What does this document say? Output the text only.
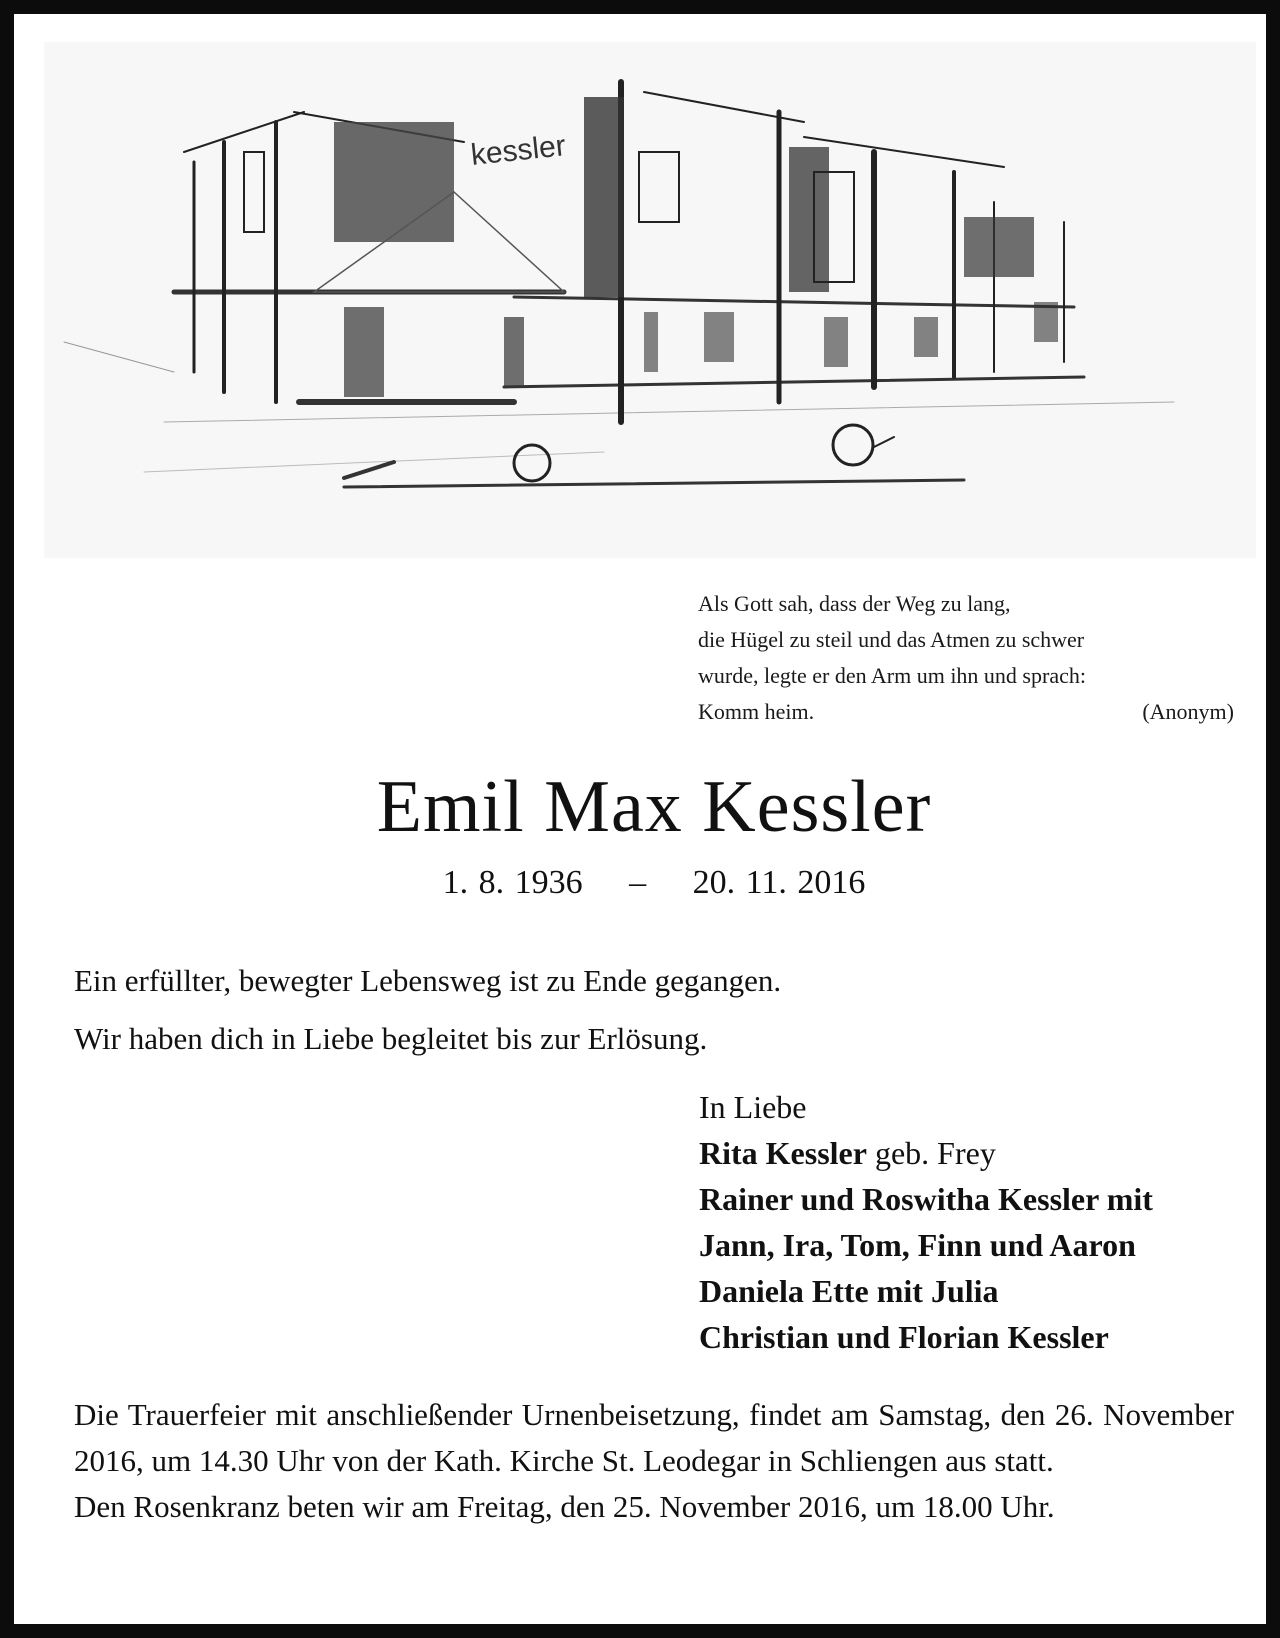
kessler
Als Gott sah, dass der Weg zu lang,
die Hügel zu steil und das Atmen zu schwer
wurde, legte er den Arm um ihn und sprach:
Komm heim.	(Anonym)
Emil Max Kessler
1. 8. 1936 – 20. 11. 2016
Ein erfüllter, bewegter Lebensweg ist zu Ende gegangen.
Wir haben dich in Liebe begleitet bis zur Erlösung.
In Liebe
Rita Kessler geb. Frey
Rainer und Roswitha Kessler mit
Jann, Ira, Tom, Finn und Aaron
Daniela Ette mit Julia
Christian und Florian Kessler

Die Trauerfeier mit anschließender Urnenbeisetzung, findet am Samstag, den 26. November 2016, um 14.30 Uhr von der Kath. Kirche St. Leodegar in Schliengen aus statt.

Den Rosenkranz beten wir am Freitag, den 25. November 2016, um 18.00 Uhr.
